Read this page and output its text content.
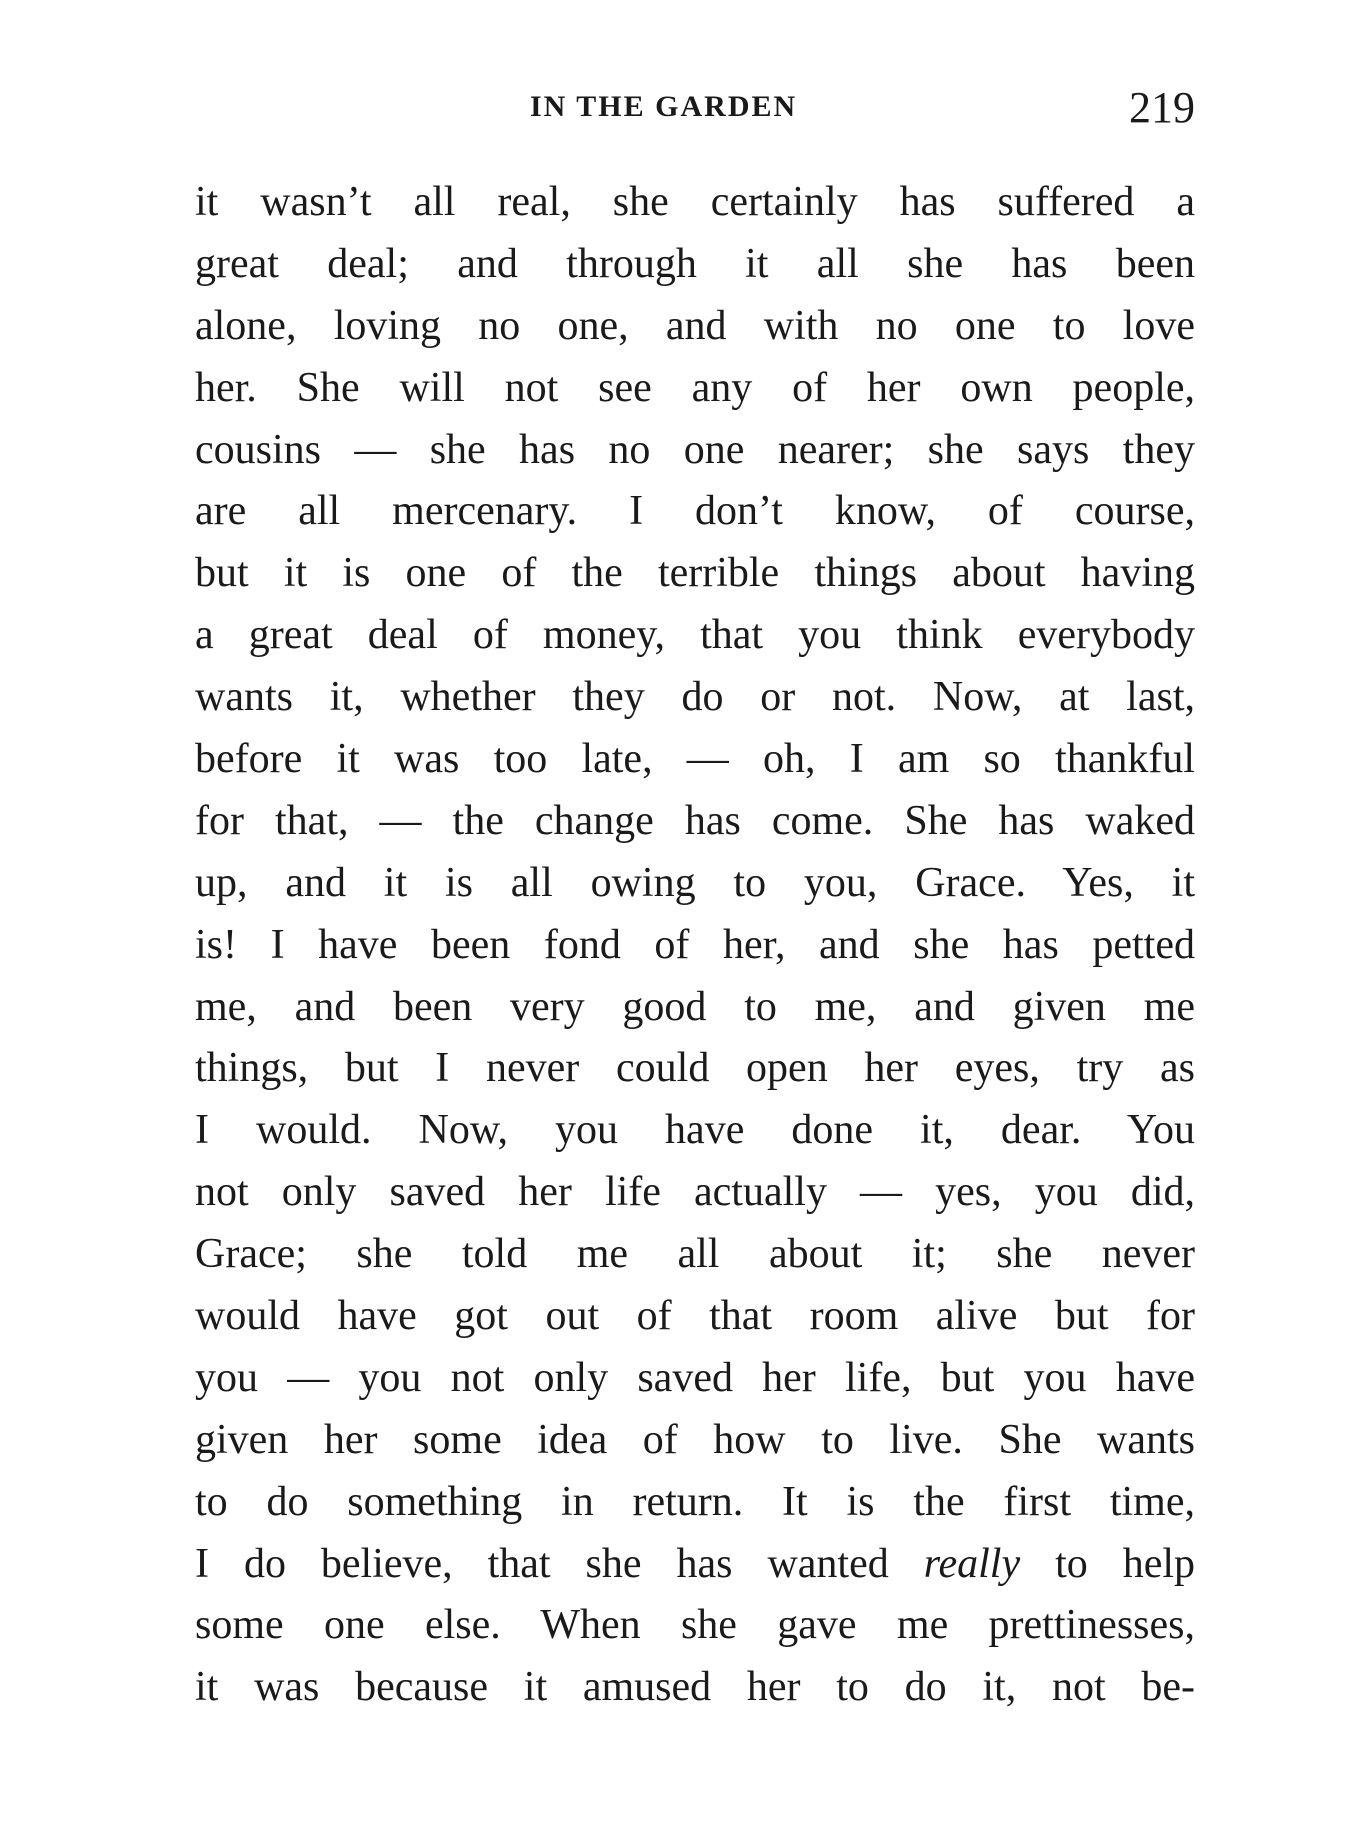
IN THE GARDEN	219
it wasn’t all real, she certainly has suffered a
great deal; and through it all she has been
alone, loving no one, and with no one to love
her. She will not see any of her own people,
cousins — she has no one nearer; she says they
are all mercenary. I don’t know, of course,
but it is one of the terrible things about having
a great deal of money, that you think everybody
wants it, whether they do or not. Now, at last,
before it was too late, — oh, I am so thankful
for that, — the change has come. She has waked
up, and it is all owing to you, Grace. Yes, it
is! I have been fond of her, and she has petted
me, and been very good to me, and given me
things, but I never could open her eyes, try as
I would. Now, you have done it, dear. You
not only saved her life actually — yes, you did,
Grace; she told me all about it; she never
would have got out of that room alive but for
you — you not only saved her life, but you have
given her some idea of how to live. She wants
to do something in return. It is the first time,
I do believe, that she has wanted really to help
some one else. When she gave me prettinesses,
it was because it amused her to do it, not be-
